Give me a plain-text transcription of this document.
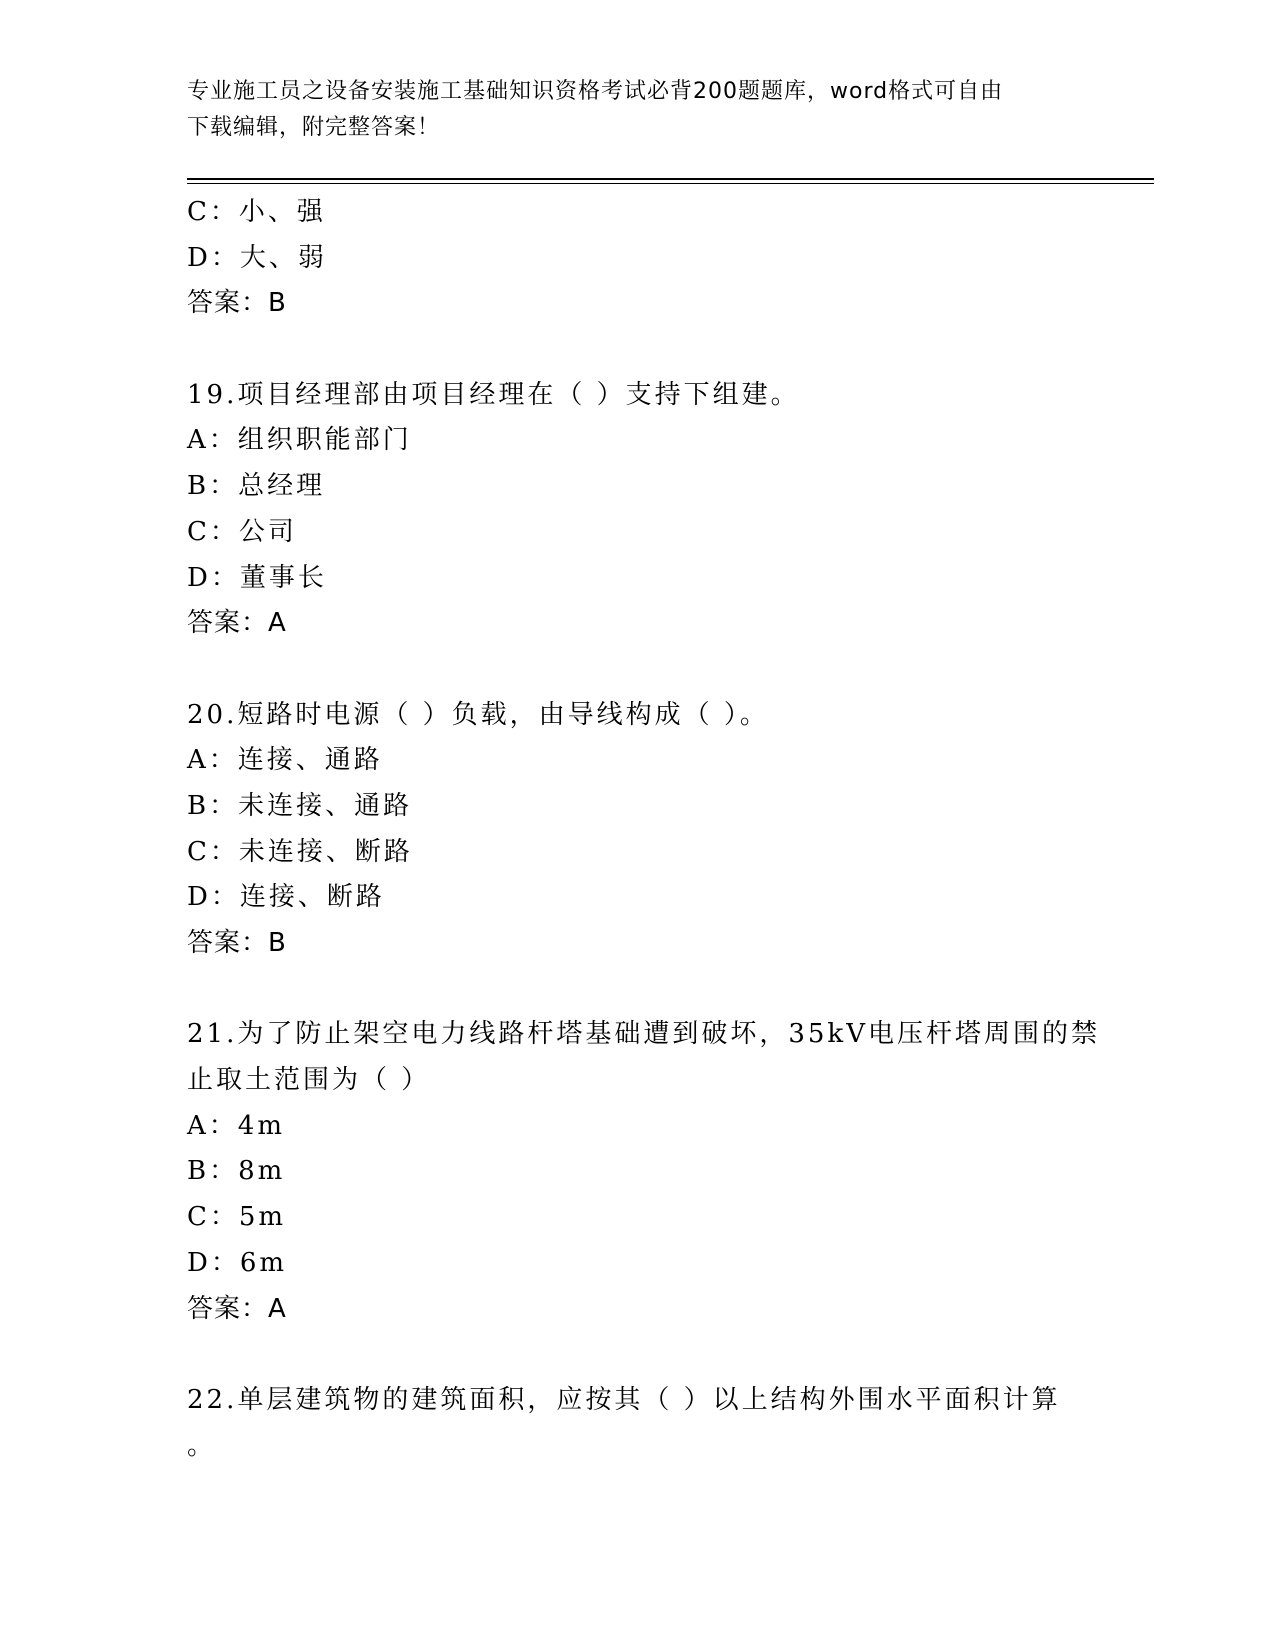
专业施工员之设备安装施工基础知识资格考试必背200题题库，word格式可自由
下载编辑，附完整答案！
C：小、强
D：大、弱
答案：B
19.项目经理部由项目经理在（ ）支持下组建。
A：组织职能部门
B：总经理
C：公司
D：董事长
答案：A
20.短路时电源（ ）负载，由导线构成（ ）。
A：连接、通路
B：未连接、通路
C：未连接、断路
D：连接、断路
答案：B
21.为了防止架空电力线路杆塔基础遭到破坏，35kV电压杆塔周围的禁
止取土范围为（ ）
A：4m
B：8m
C：5m
D：6m
答案：A
22.单层建筑物的建筑面积，应按其（ ）以上结构外围水平面积计算
。
